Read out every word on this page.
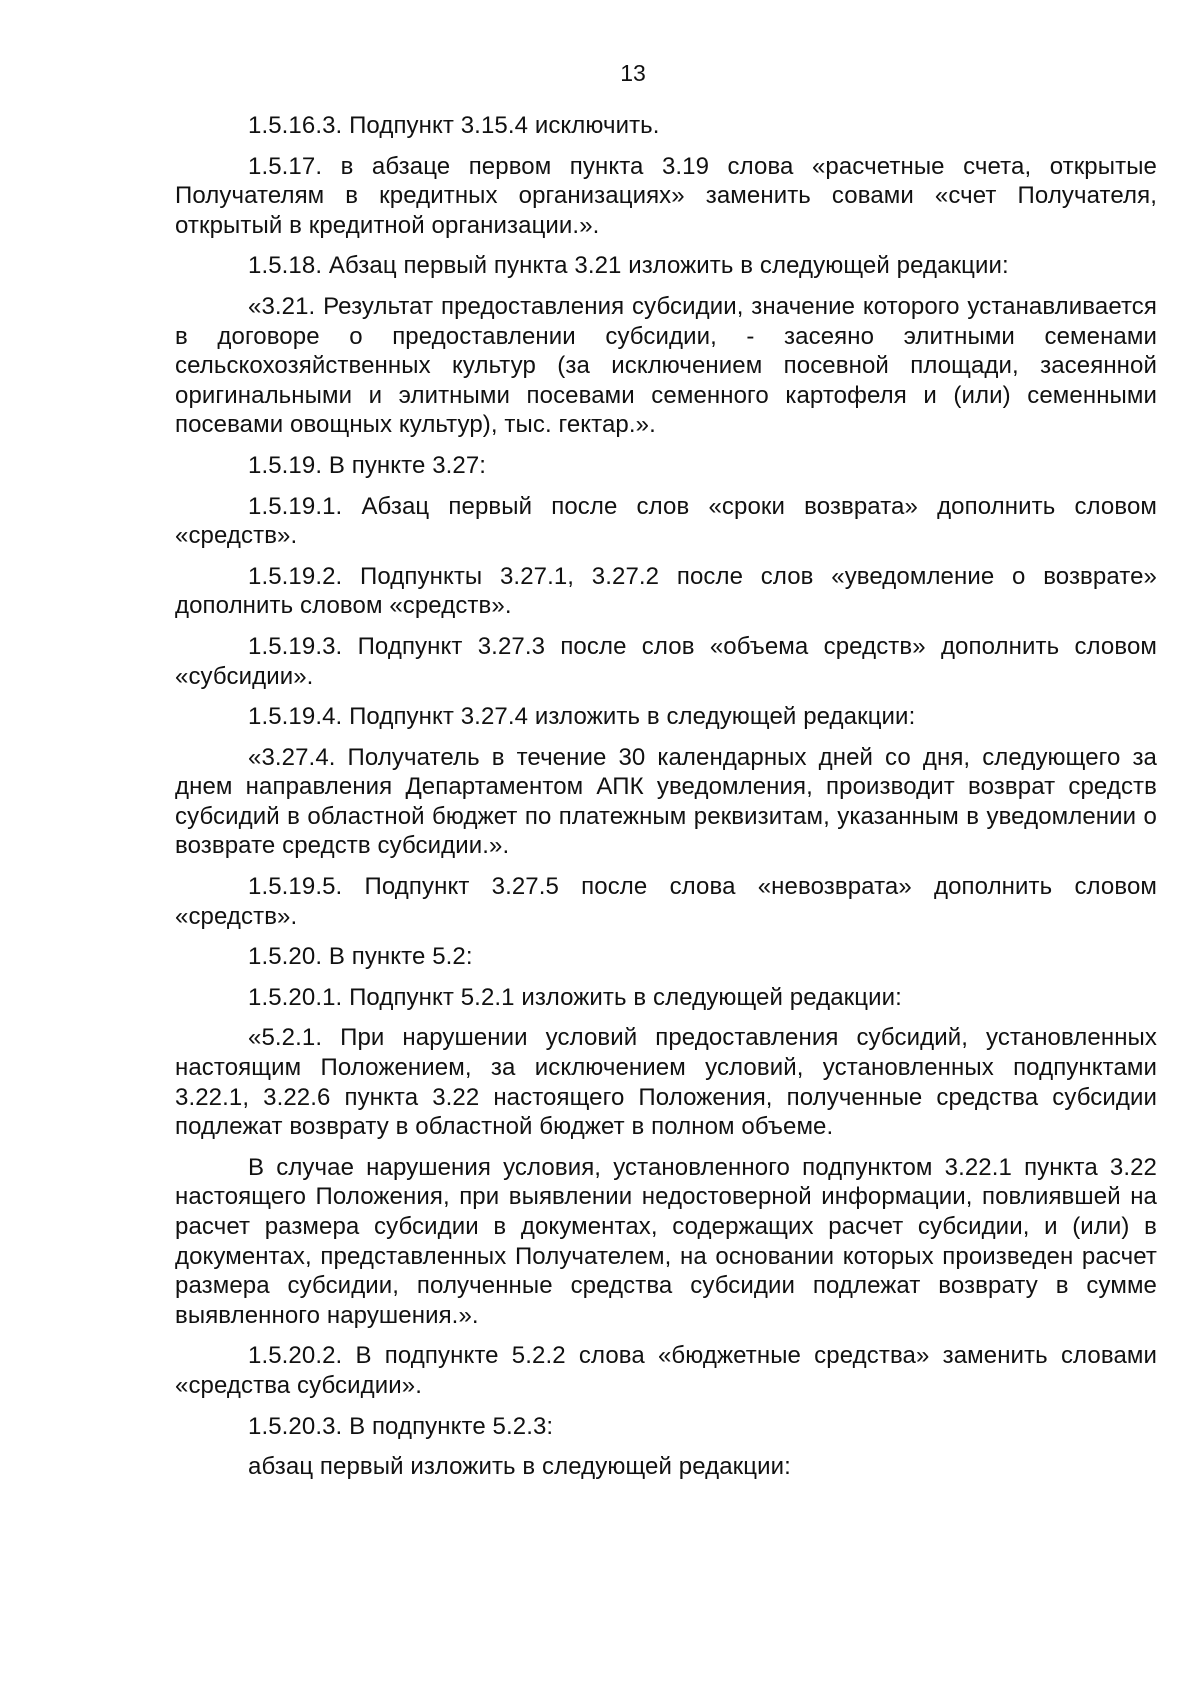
13

1.5.16.3. Подпункт 3.15.4 исключить.

1.5.17. в абзаце первом пункта 3.19 слова «расчетные счета, открытые Получателям в кредитных организациях» заменить совами «счет Получателя, открытый в кредитной организации.».

1.5.18. Абзац первый пункта 3.21 изложить в следующей редакции:

«3.21. Результат предоставления субсидии, значение которого устанавливается в договоре о предоставлении субсидии, - засеяно элитными семенами сельскохозяйственных культур (за исключением посевной площади, засеянной оригинальными и элитными посевами семенного картофеля и (или) семенными посевами овощных культур), тыс. гектар.».

1.5.19. В пункте 3.27:

1.5.19.1. Абзац первый после слов «сроки возврата» дополнить словом «средств».

1.5.19.2. Подпункты 3.27.1, 3.27.2 после слов «уведомление о возврате» дополнить словом «средств».

1.5.19.3. Подпункт 3.27.3 после слов «объема средств» дополнить словом «субсидии».

1.5.19.4. Подпункт 3.27.4 изложить в следующей редакции:

«3.27.4. Получатель в течение 30 календарных дней со дня, следующего за днем направления Департаментом АПК уведомления, производит возврат средств субсидий в областной бюджет по платежным реквизитам, указанным в уведомлении о возврате средств субсидии.».

1.5.19.5. Подпункт 3.27.5 после слова «невозврата» дополнить словом «средств».

1.5.20. В пункте 5.2:

1.5.20.1. Подпункт 5.2.1 изложить в следующей редакции:

«5.2.1. При нарушении условий предоставления субсидий, установленных настоящим Положением, за исключением условий, установленных подпунктами 3.22.1, 3.22.6 пункта 3.22 настоящего Положения, полученные средства субсидии подлежат возврату в областной бюджет в полном объеме.

В случае нарушения условия, установленного подпунктом 3.22.1 пункта 3.22 настоящего Положения, при выявлении недостоверной информации, повлиявшей на расчет размера субсидии в документах, содержащих расчет субсидии, и (или) в документах, представленных Получателем, на основании которых произведен расчет размера субсидии, полученные средства субсидии подлежат возврату в сумме выявленного нарушения.».

1.5.20.2. В подпункте 5.2.2 слова «бюджетные средства» заменить словами «средства субсидии».

1.5.20.3. В подпункте 5.2.3:

абзац первый изложить в следующей редакции:
